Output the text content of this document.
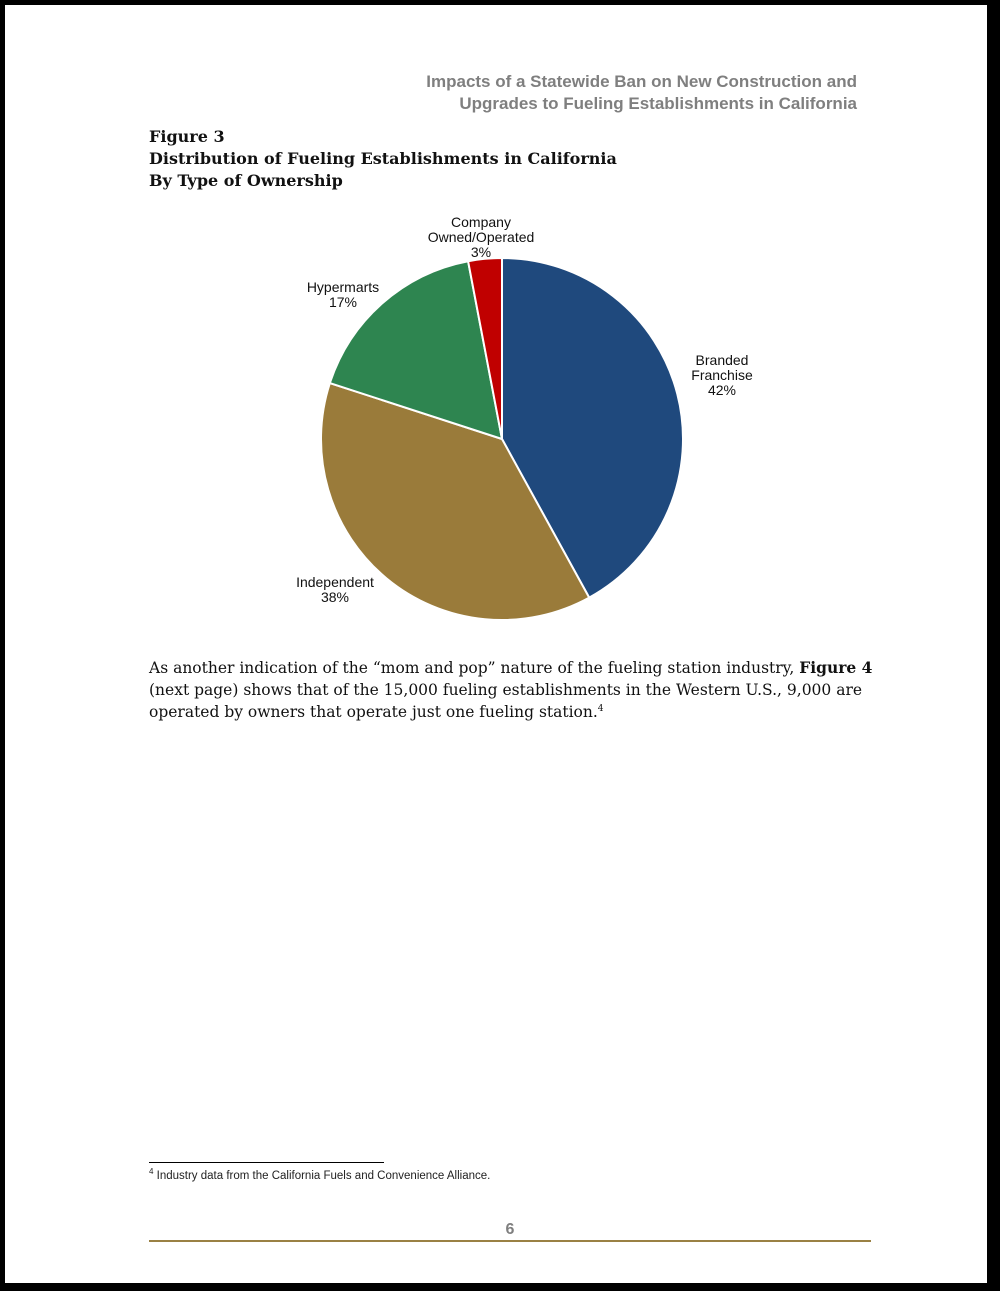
Impacts of a Statewide Ban on New Construction and
Upgrades to Fueling Establishments in California
Figure 3
Distribution of Fueling Establishments in California
By Type of Ownership
Branded Franchise 42%
Independent 38%
Hypermarts 17%
Company Owned/Operated 3%

As another indication of the “mom and pop” nature of the fueling station industry, Figure 4 (next page) shows that of the 15,000 fueling establishments in the Western U.S., 9,000 are operated by owners that operate just one fueling station.$^4$

$^4$ Industry data from the California Fuels and Convenience Alliance.
6
